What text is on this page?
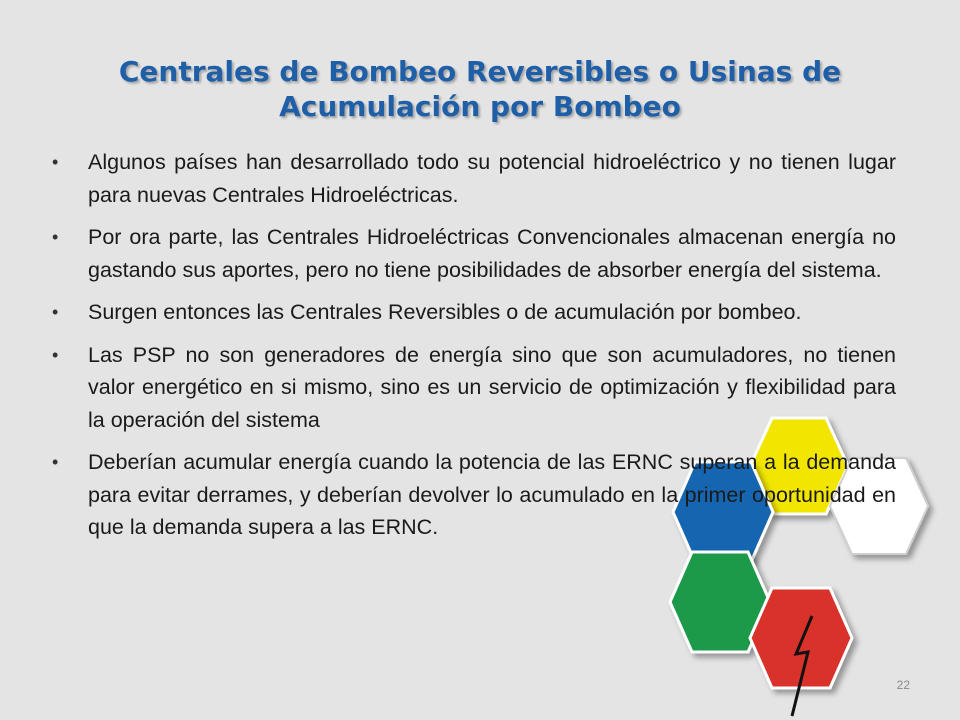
Centrales de Bombeo Reversibles o Usinas de
Acumulación por Bombeo
• Algunos países han desarrollado todo su potencial hidroeléctrico y no tienen lugar para nuevas Centrales Hidroeléctricas.
• Por ora parte, las Centrales Hidroeléctricas Convencionales almacenan energía no gastando sus aportes, pero no tiene posibilidades de absorber energía del sistema.
• Surgen entonces las Centrales Reversibles o de acumulación por bombeo.
• Las PSP no son generadores de energía sino que son acumuladores, no tienen valor energético en si mismo, sino es un servicio de optimización y flexibilidad para la operación del sistema
• Deberían acumular energía cuando la potencia de las ERNC superan a la demanda para evitar derrames, y deberían devolver lo acumulado en la primer oportunidad en que la demanda supera a las ERNC.
22
